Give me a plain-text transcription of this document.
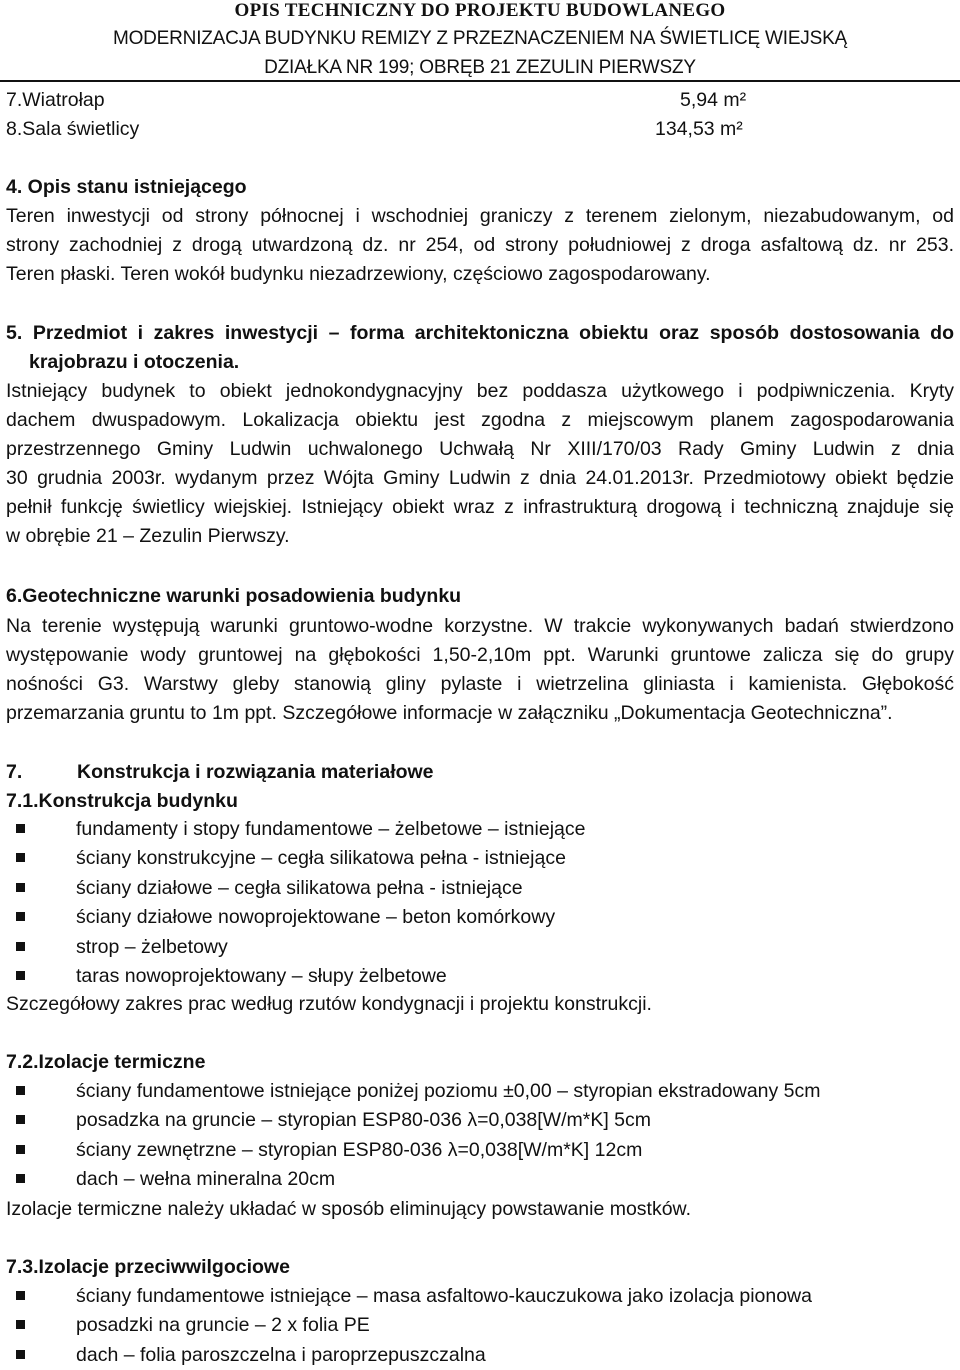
OPIS TECHNICZNY DO PROJEKTU BUDOWLANEGO
MODERNIZACJA BUDYNKU REMIZY Z PRZEZNACZENIEM NA ŚWIETLICĘ WIEJSKĄ
DZIAŁKA NR 199; OBRĘB 21 ZEZULIN PIERWSZY
7.Wiatrołap	5,94 m²
8.Sala świetlicy	134,53 m²
4. Opis stanu istniejącego
Teren inwestycji od strony północnej i wschodniej graniczy z terenem zielonym, niezabudowanym, od
strony zachodniej z drogą utwardzoną dz. nr 254, od strony południowej z droga asfaltową dz. nr 253.
Teren płaski. Teren wokół budynku niezadrzewiony, częściowo zagospodarowany.
5. Przedmiot i zakres inwestycji – forma architektoniczna obiektu oraz sposób dostosowania do
krajobrazu i otoczenia.
Istniejący budynek to obiekt jednokondygnacyjny bez poddasza użytkowego i podpiwniczenia. Kryty
dachem dwuspadowym. Lokalizacja obiektu jest zgodna z miejscowym planem zagospodarowania
przestrzennego Gminy Ludwin uchwalonego Uchwałą Nr XIII/170/03 Rady Gminy Ludwin z dnia
30 grudnia 2003r. wydanym przez Wójta Gminy Ludwin z dnia 24.01.2013r. Przedmiotowy obiekt będzie
pełnił funkcję świetlicy wiejskiej. Istniejący obiekt wraz z infrastrukturą drogową i techniczną znajduje się
w obrębie 21 – Zezulin Pierwszy.
6.Geotechniczne warunki posadowienia budynku
Na terenie występują warunki gruntowo-wodne korzystne. W trakcie wykonywanych badań stwierdzono
występowanie wody gruntowej na głębokości 1,50-2,10m ppt. Warunki gruntowe zalicza się do grupy
nośności G3. Warstwy gleby stanowią gliny pylaste i wietrzelina gliniasta i kamienista. Głębokość
przemarzania gruntu to 1m ppt. Szczegółowe informacje w załączniku „Dokumentacja Geotechniczna”.
7.	Konstrukcja i rozwiązania materiałowe
7.1.Konstrukcja budynku
fundamenty i stopy fundamentowe – żelbetowe – istniejące
ściany konstrukcyjne – cegła silikatowa pełna - istniejące
ściany działowe – cegła silikatowa pełna - istniejące
ściany działowe nowoprojektowane – beton komórkowy
strop – żelbetowy
taras nowoprojektowany – słupy żelbetowe
Szczegółowy zakres prac według rzutów kondygnacji i projektu konstrukcji.
7.2.Izolacje termiczne
ściany fundamentowe istniejące poniżej poziomu ±0,00 – styropian ekstradowany 5cm
posadzka na gruncie – styropian ESP80-036 λ=0,038[W/m*K] 5cm
ściany zewnętrzne – styropian ESP80-036 λ=0,038[W/m*K] 12cm
dach – wełna mineralna 20cm
Izolacje termiczne należy układać w sposób eliminujący powstawanie mostków.
7.3.Izolacje przeciwwilgociowe
ściany fundamentowe istniejące – masa asfaltowo-kauczukowa jako izolacja pionowa
posadzki na gruncie – 2 x folia PE
dach – folia paroszczelna i paroprzepuszczalna
